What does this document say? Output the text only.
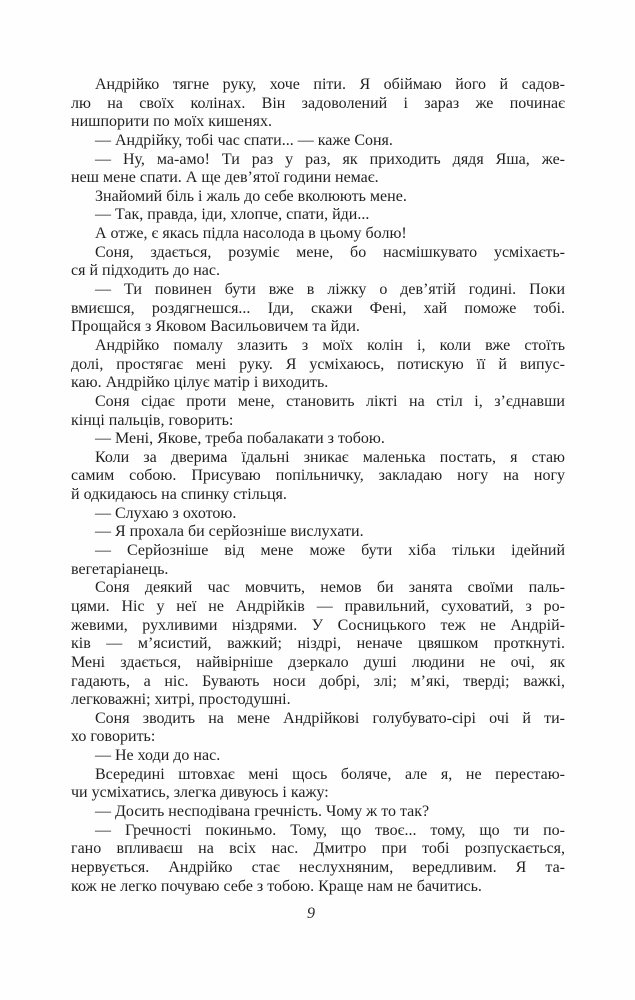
Андрійко тягне руку, хоче піти. Я обіймаю його й садов-
лю на своїх колінах. Він задоволений і зараз же починає
нишпорити по моїх кишенях.

— Андрійку, тобі час спати... — каже Соня.

— Ну, ма-амо! Ти раз у раз, як приходить дядя Яша, же-
неш мене спати. А ще дев’ятої години немає.

Знайомий біль і жаль до себе вколюють мене.

— Так, правда, іди, хлопче, спати, йди...

А отже, є якась підла насолода в цьому болю!

Соня, здається, розуміє мене, бо насмішкувато усміхаєть-
ся й підходить до нас.

— Ти повинен бути вже в ліжку о дев’ятій годині. Поки
вмиєшся, роздягнешся... Іди, скажи Фені, хай поможе тобі.
Прощайся з Яковом Васильовичем та йди.

Андрійко помалу злазить з моїх колін і, коли вже стоїть
долі, простягає мені руку. Я усміхаюсь, потискую її й випус-
каю. Андрійко цілує матір і виходить.

Соня сідає проти мене, становить лікті на стіл і, з’єднавши
кінці пальців, говорить:

— Мені, Якове, треба побалакати з тобою.

Коли за дверима їдальні зникає маленька постать, я стаю
самим собою. Присуваю попільничку, закладаю ногу на ногу
й одкидаюсь на спинку стільця.

— Слухаю з охотою.

— Я прохала би серйозніше вислухати.

— Серйозніше від мене може бути хіба тільки ідейний
вегетаріанець.

Соня деякий час мовчить, немов би занята своїми паль-
цями. Ніс у неї не Андрійків — правильний, суховатий, з ро-
жевими, рухливими ніздрями. У Сосницького теж не Андрій-
ків — м’ясистий, важкий; ніздрі, неначе цвяшком проткнуті.
Мені здається, найвірніше дзеркало душі людини не очі, як
гадають, а ніс. Бувають носи добрі, злі; м’які, тверді; важкі,
легковажні; хитрі, простодушні.

Соня зводить на мене Андрійкові голубувато-сірі очі й ти-
хо говорить:

— Не ходи до нас.

Всередині штовхає мені щось боляче, але я, не перестаю-
чи усміхатись, злегка дивуюсь і кажу:

— Досить несподівана гречність. Чому ж то так?

— Гречності покиньмо. Тому, що твоє... тому, що ти по-
гано впливаєш на всіх нас. Дмитро при тобі розпускається,
нервується. Андрійко стає неслухняним, вередливим. Я та-
кож не легко почуваю себе з тобою. Краще нам не бачитись.

9
